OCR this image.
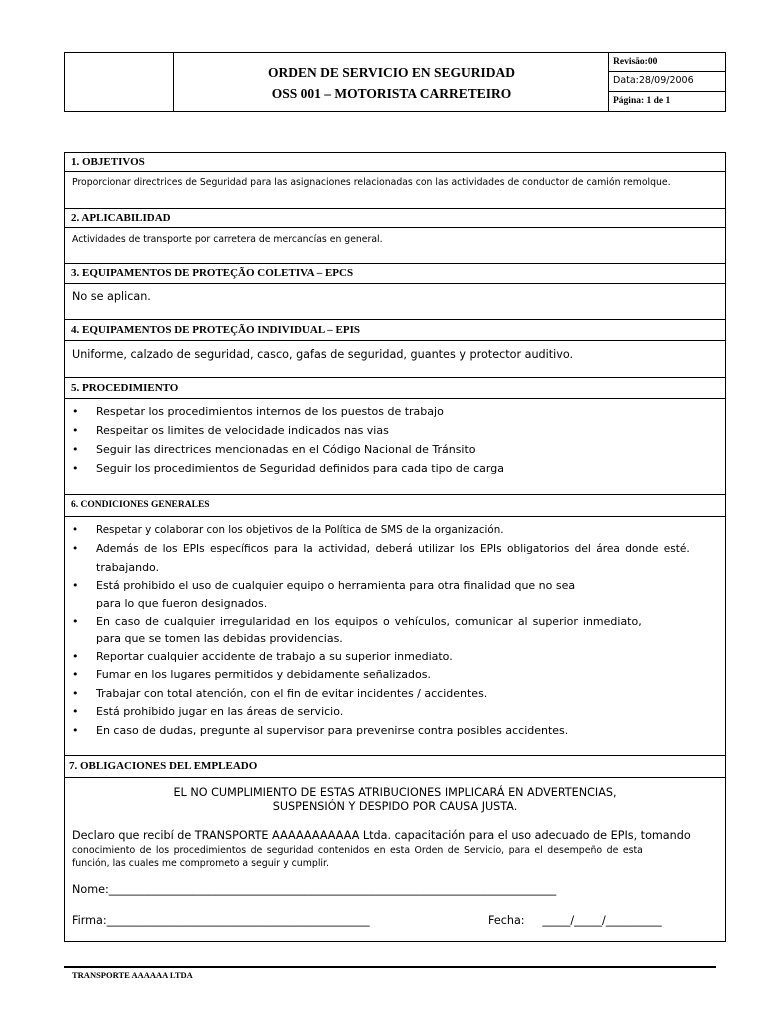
ORDEN DE SERVICIO EN SEGURIDAD
OSS 001 – MOTORISTA CARRETEIRO
Revisão:00
Data:28/09/2006
Página: 1 de 1
1. OBJETIVOS
Proporcionar directrices de Seguridad para las asignaciones relacionadas con las actividades de conductor de camión remolque.
2. APLICABILIDAD
Actividades de transporte por carretera de mercancías en general.
3. EQUIPAMENTOS DE PROTEÇÃO COLETIVA – EPCS
No se aplican.
4. EQUIPAMENTOS DE PROTEÇÃO INDIVIDUAL – EPIS
Uniforme, calzado de seguridad, casco, gafas de seguridad, guantes y protector auditivo.
5. PROCEDIMIENTO
• Respetar los procedimientos internos de los puestos de trabajo
• Respeitar os limites de velocidade indicados nas vias
• Seguir las directrices mencionadas en el Código Nacional de Tránsito
• Seguir los procedimientos de Seguridad definidos para cada tipo de carga
6. CONDICIONES GENERALES
• Respetar y colaborar con los objetivos de la Política de SMS de la organización.
• Además de los EPIs específicos para la actividad, deberá utilizar los EPIs obligatorios del área donde esté.
trabajando.
• Está prohibido el uso de cualquier equipo o herramienta para otra finalidad que no sea
para lo que fueron designados.
• En caso de cualquier irregularidad en los equipos o vehículos, comunicar al superior inmediato,
para que se tomen las debidas providencias.
• Reportar cualquier accidente de trabajo a su superior inmediato.
• Fumar en los lugares permitidos y debidamente señalizados.
• Trabajar con total atención, con el fin de evitar incidentes / accidentes.
• Está prohibido jugar en las áreas de servicio.
• En caso de dudas, pregunte al supervisor para prevenirse contra posibles accidentes.
7. OBLIGACIONES DEL EMPLEADO
EL NO CUMPLIMIENTO DE ESTAS ATRIBUCIONES IMPLICARÁ EN ADVERTENCIAS,
SUSPENSIÓN Y DESPIDO POR CAUSA JUSTA.
Declaro que recibí de TRANSPORTE AAAAAAAAAAA Ltda. capacitación para el uso adecuado de EPIs, tomando
conocimiento de los procedimientos de seguridad contenidos en esta Orden de Servicio, para el desempeño de esta
función, las cuales me comprometo a seguir y cumplir.
Nome:________________________________________________________________________________
Firma:_______________________________________________	Fecha:     _____/_____/__________
TRANSPORTE AAAAAA LTDA
